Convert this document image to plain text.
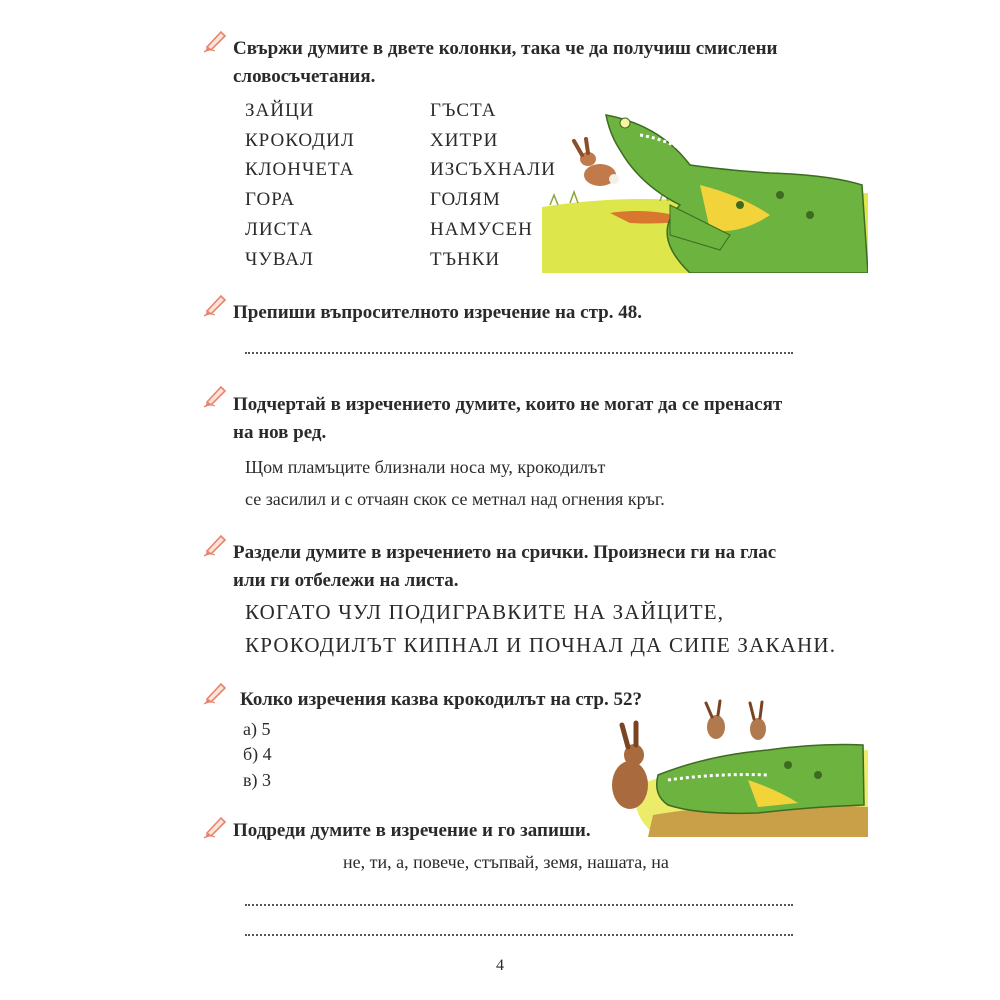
Свържи думите в двете колонки, така че да получиш смислени
словосъчетания.
ЗАЙЦИ
КРОКОДИЛ
КЛОНЧЕТА
ГОРА
ЛИСТА
ЧУВАЛ
ГЪСТА
ХИТРИ
ИЗСЪХНАЛИ
ГОЛЯМ
НАМУСЕН
ТЪНКИ
Препиши въпросителното изречение на стр. 48.
Подчертай в изречението думите, които не могат да се пренасят
на нов ред.
Щом пламъците близнали носа му, крокодилът
се засилил и с отчаян скок се метнал над огнения кръг.
Раздели думите в изречението на срички. Произнеси ги на глас
или ги отбележи на листа.
КОГАТО ЧУЛ ПОДИГРАВКИТЕ НА ЗАЙЦИТЕ,
КРОКОДИЛЪТ КИПНАЛ И ПОЧНАЛ ДА СИПЕ ЗАКАНИ.
Колко изречения казва крокодилът на стр. 52?
а) 5
б) 4
в) 3
Подреди думите в изречение и го запиши.
не, ти, а, повече, стъпвай, земя, нашата, на
4
